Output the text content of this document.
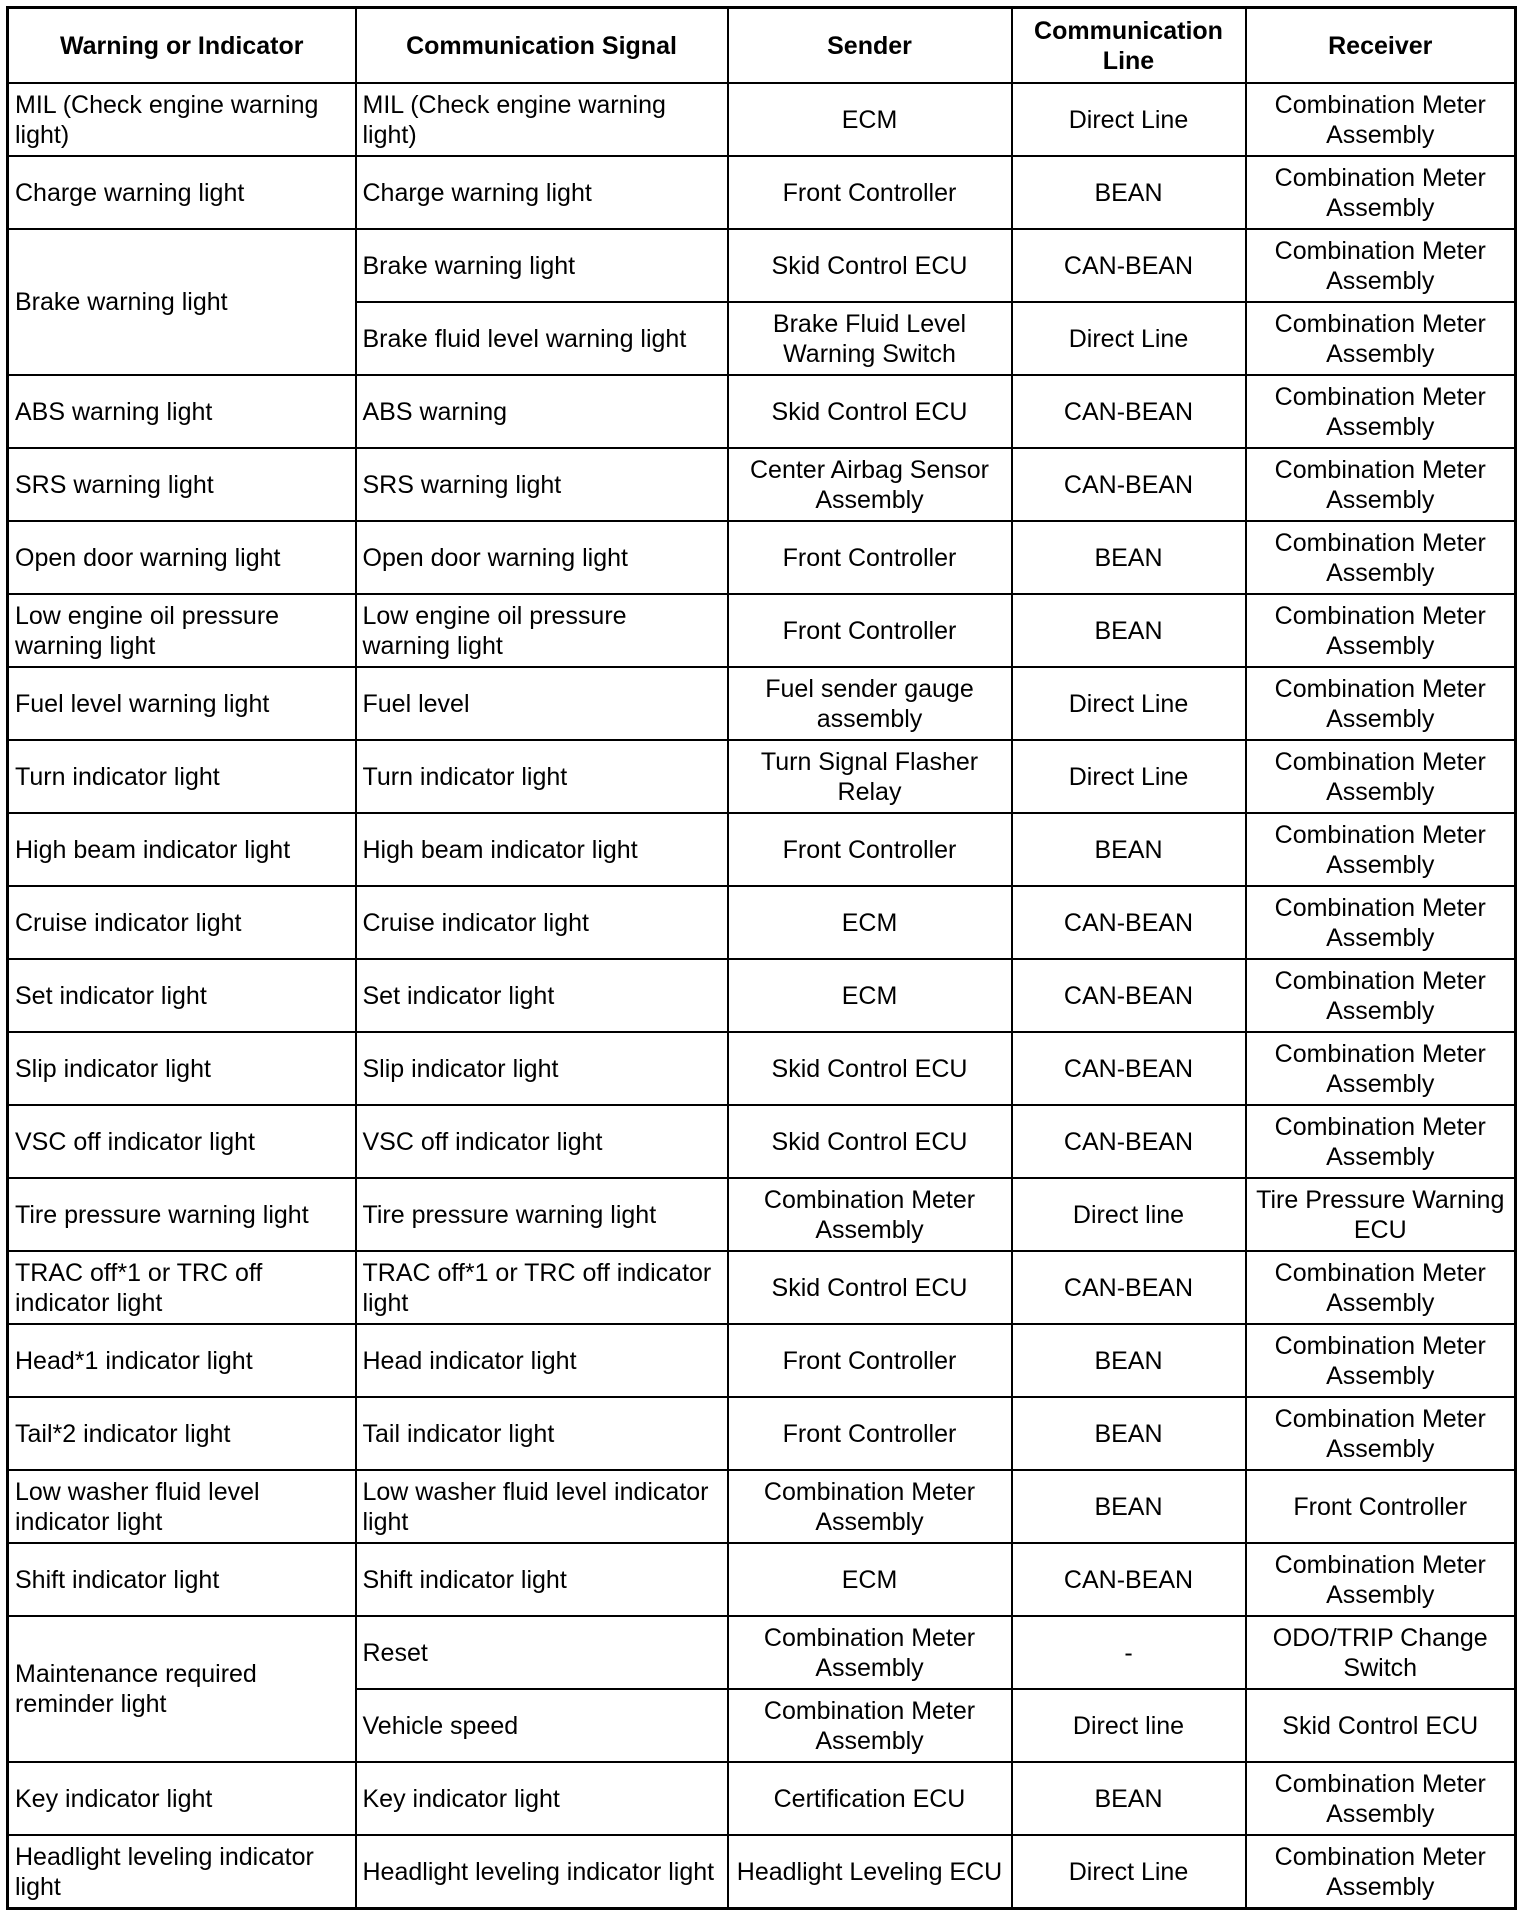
Warning or Indicator	Communication Signal	Sender	Communication Line	Receiver
MIL (Check engine warning light)	MIL (Check engine warning light)	ECM	Direct Line	Combination Meter Assembly
Charge warning light	Charge warning light	Front Controller	BEAN	Combination Meter Assembly
Brake warning light	Brake warning light	Skid Control ECU	CAN-BEAN	Combination Meter Assembly
	Brake fluid level warning light	Brake Fluid Level Warning Switch	Direct Line	Combination Meter Assembly
ABS warning light	ABS warning	Skid Control ECU	CAN-BEAN	Combination Meter Assembly
SRS warning light	SRS warning light	Center Airbag Sensor Assembly	CAN-BEAN	Combination Meter Assembly
Open door warning light	Open door warning light	Front Controller	BEAN	Combination Meter Assembly
Low engine oil pressure warning light	Low engine oil pressure warning light	Front Controller	BEAN	Combination Meter Assembly
Fuel level warning light	Fuel level	Fuel sender gauge assembly	Direct Line	Combination Meter Assembly
Turn indicator light	Turn indicator light	Turn Signal Flasher Relay	Direct Line	Combination Meter Assembly
High beam indicator light	High beam indicator light	Front Controller	BEAN	Combination Meter Assembly
Cruise indicator light	Cruise indicator light	ECM	CAN-BEAN	Combination Meter Assembly
Set indicator light	Set indicator light	ECM	CAN-BEAN	Combination Meter Assembly
Slip indicator light	Slip indicator light	Skid Control ECU	CAN-BEAN	Combination Meter Assembly
VSC off indicator light	VSC off indicator light	Skid Control ECU	CAN-BEAN	Combination Meter Assembly
Tire pressure warning light	Tire pressure warning light	Combination Meter Assembly	Direct line	Tire Pressure Warning ECU
TRAC off*1 or TRC off indicator light	TRAC off*1 or TRC off indicator light	Skid Control ECU	CAN-BEAN	Combination Meter Assembly
Head*1 indicator light	Head indicator light	Front Controller	BEAN	Combination Meter Assembly
Tail*2 indicator light	Tail indicator light	Front Controller	BEAN	Combination Meter Assembly
Low washer fluid level indicator light	Low washer fluid level indicator light	Combination Meter Assembly	BEAN	Front Controller
Shift indicator light	Shift indicator light	ECM	CAN-BEAN	Combination Meter Assembly
Maintenance required reminder light	Reset	Combination Meter Assembly	-	ODO/TRIP Change Switch
	Vehicle speed	Combination Meter Assembly	Direct line	Skid Control ECU
Key indicator light	Key indicator light	Certification ECU	BEAN	Combination Meter Assembly
Headlight leveling indicator light	Headlight leveling indicator light	Headlight Leveling ECU	Direct Line	Combination Meter Assembly
